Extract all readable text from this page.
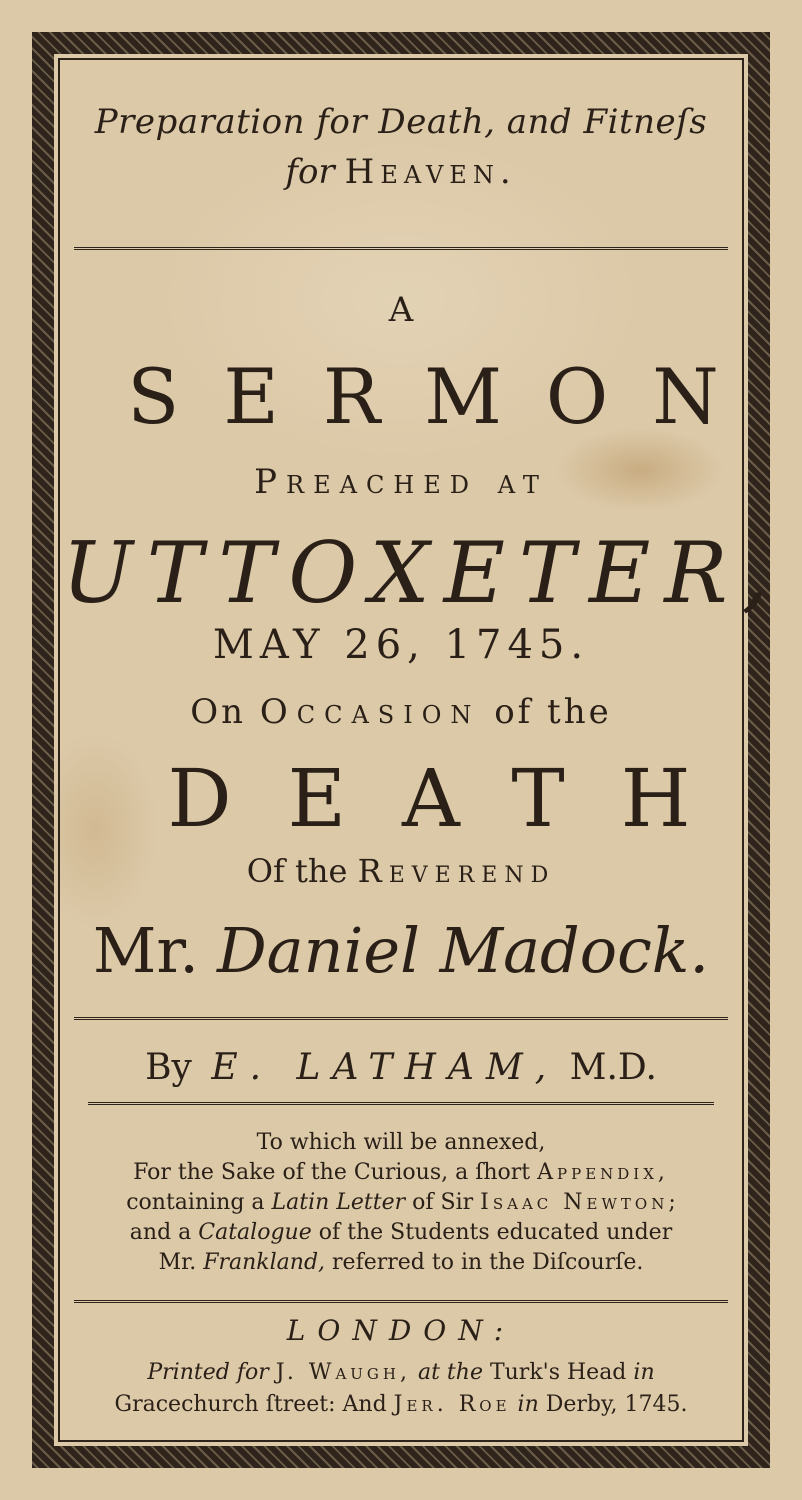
Preparation for Death, and Fitneſs
for Heaven.
A
SERMON
Preached at
UTTOXETER,
MAY 26, 1745.
On Occasion of the
DEATH
Of the Reverend
Mr. Daniel Madock.
By E. LATHAM, M.D.
To which will be annexed,
For the Sake of the Curious, a ſhort Appendix,
containing a Latin Letter of Sir Isaac Newton;
and a Catalogue of the Students educated under
Mr. Frankland, referred to in the Diſcourſe.
LONDON:
Printed for J. Waugh, at the Turk's Head in
Gracechurch ſtreet: And Jer. Roe in Derby, 1745.
